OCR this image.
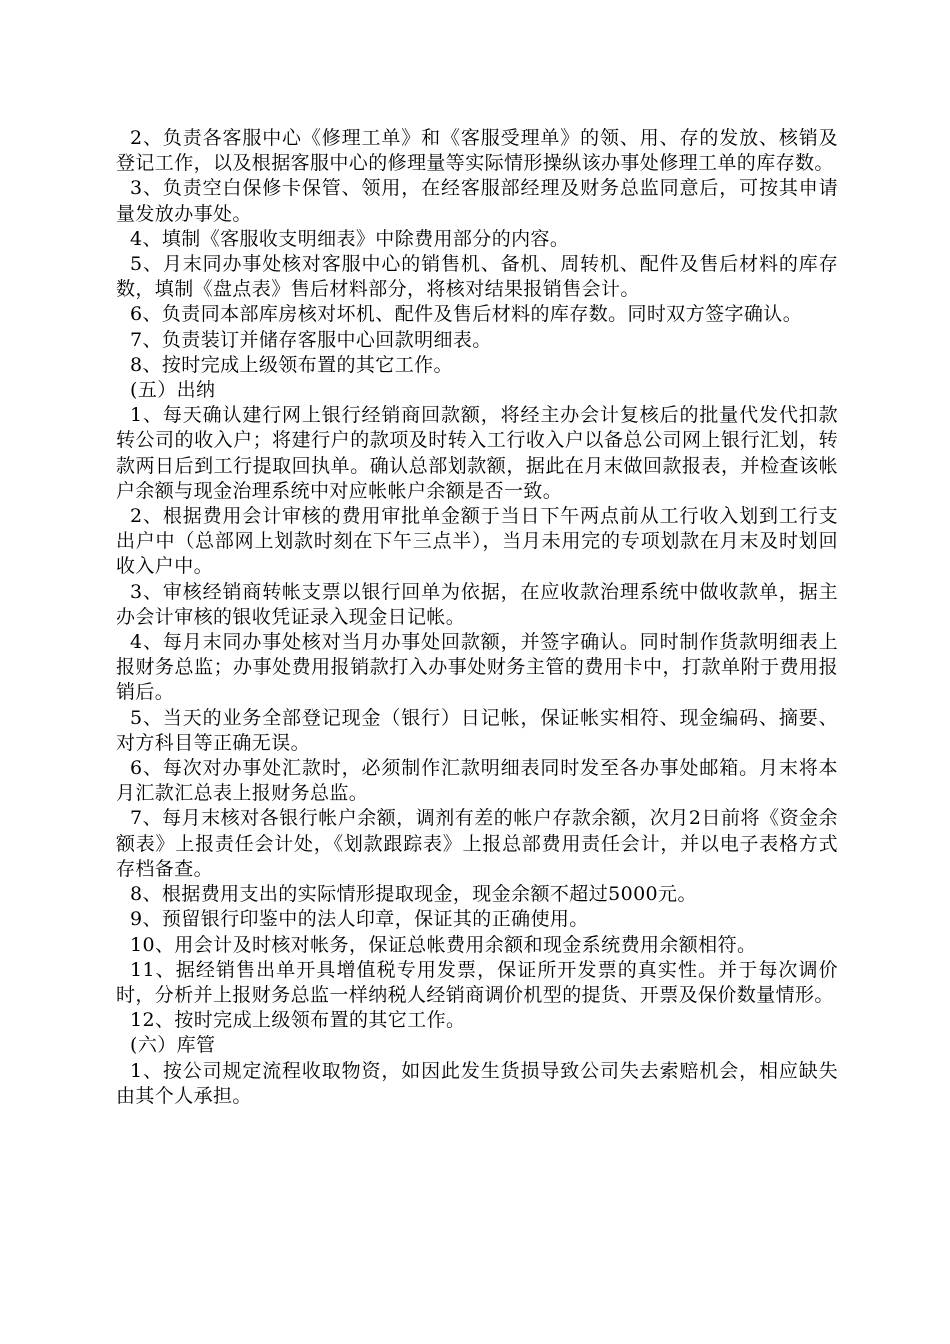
2、负责各客服中心《修理工单》和《客服受理单》的领、用、存的发放、核销及登记工作，以及根据客服中心的修理量等实际情形操纵该办事处修理工单的库存数。

3、负责空白保修卡保管、领用，在经客服部经理及财务总监同意后，可按其申请量发放办事处。

4、填制《客服收支明细表》中除费用部分的内容。

5、月末同办事处核对客服中心的销售机、备机、周转机、配件及售后材料的库存数，填制《盘点表》售后材料部分，将核对结果报销售会计。

6、负责同本部库房核对坏机、配件及售后材料的库存数。同时双方签字确认。

7、负责装订并储存客服中心回款明细表。

8、按时完成上级领布置的其它工作。

(五）出纳

1、每天确认建行网上银行经销商回款额，将经主办会计复核后的批量代发代扣款转公司的收入户；将建行户的款项及时转入工行收入户以备总公司网上银行汇划，转款两日后到工行提取回执单。确认总部划款额，据此在月末做回款报表，并检查该帐户余额与现金治理系统中对应帐帐户余额是否一致。

2、根据费用会计审核的费用审批单金额于当日下午两点前从工行收入划到工行支出户中（总部网上划款时刻在下午三点半），当月未用完的专项划款在月末及时划回收入户中。

3、审核经销商转帐支票以银行回单为依据，在应收款治理系统中做收款单，据主办会计审核的银收凭证录入现金日记帐。

4、每月末同办事处核对当月办事处回款额，并签字确认。同时制作货款明细表上报财务总监；办事处费用报销款打入办事处财务主管的费用卡中，打款单附于费用报销后。

5、当天的业务全部登记现金（银行）日记帐，保证帐实相符、现金编码、摘要、对方科目等正确无误。

6、每次对办事处汇款时，必须制作汇款明细表同时发至各办事处邮箱。月末将本月汇款汇总表上报财务总监。

7、每月末核对各银行帐户余额，调剂有差的帐户存款余额，次月2日前将《资金余额表》上报责任会计处，《划款跟踪表》上报总部费用责任会计，并以电子表格方式存档备查。

8、根据费用支出的实际情形提取现金，现金余额不超过5000元。

9、预留银行印鉴中的法人印章，保证其的正确使用。

10、用会计及时核对帐务，保证总帐费用余额和现金系统费用余额相符。

11、据经销售出单开具增值税专用发票，保证所开发票的真实性。并于每次调价时，分析并上报财务总监一样纳税人经销商调价机型的提货、开票及保价数量情形。

12、按时完成上级领布置的其它工作。

(六）库管

1、按公司规定流程收取物资，如因此发生货损导致公司失去索赔机会，相应缺失由其个人承担。
